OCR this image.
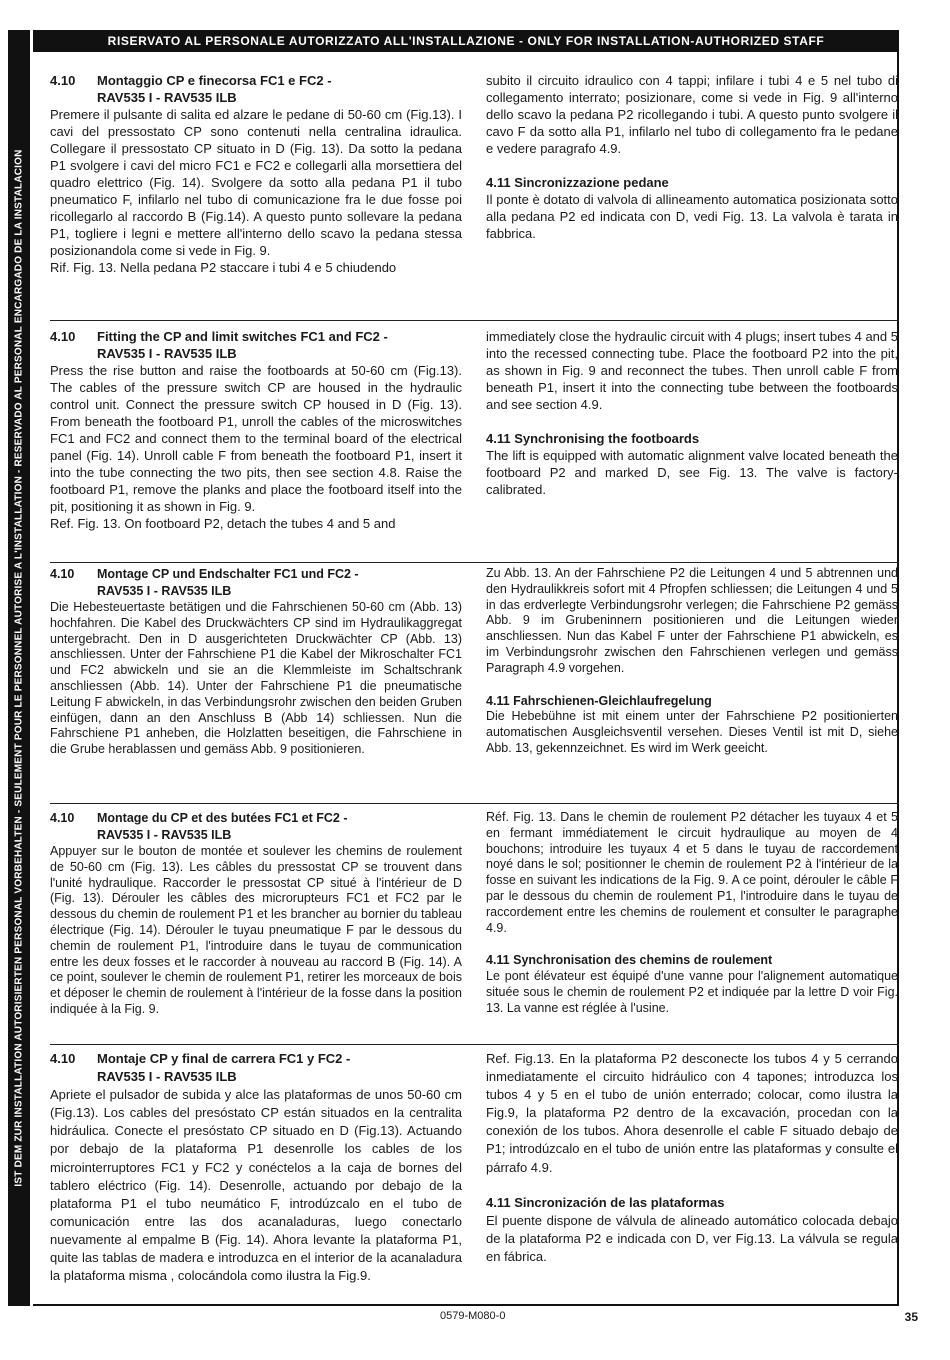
IST DEM ZUR INSTALLATION AUTORISIERTEN PERSONAL VORBEHALTEN - SEULEMENT POUR LE PERSONNEL AUTORISE A L'INSTALLATION - RESERVADO AL PERSONAL ENCARGADO DE LA INSTALACION
RISERVATO AL PERSONALE AUTORIZZATO ALL'INSTALLAZIONE - ONLY FOR INSTALLATION-AUTHORIZED STAFF

4.10 Montaggio CP e finecorsa FC1 e FC2 -
RAV535 I - RAV535 ILB

Premere il pulsante di salita ed alzare le pedane di 50-60 cm (Fig.13). I cavi del pressostato CP sono contenuti nella centralina idraulica. Collegare il pressostato CP situato in D (Fig. 13). Da sotto la pedana P1 svolgere i cavi del micro FC1 e FC2 e collegarli alla morsettiera del quadro elettrico (Fig. 14). Svolgere da sotto alla pedana P1 il tubo pneumatico F, infilarlo nel tubo di comunicazione fra le due fosse poi ricollegarlo al raccordo B (Fig.14). A questo punto sollevare la pedana P1, togliere i legni e mettere all'interno dello scavo la pedana stessa posizionandola come si vede in Fig. 9.

Rif. Fig. 13. Nella pedana P2 staccare i tubi 4 e 5 chiudendo

subito il circuito idraulico con 4 tappi; infilare i tubi 4 e 5 nel tubo di collegamento interrato; posizionare, come si vede in Fig. 9 all'interno dello scavo la pedana P2 ricollegando i tubi. A questo punto svolgere il cavo F da sotto alla P1, infilarlo nel tubo di collegamento fra le pedane e vedere paragrafo 4.9.

4.11 Sincronizzazione pedane

Il ponte è dotato di valvola di allineamento automatica posizionata sotto alla pedana P2 ed indicata con D, vedi Fig. 13. La valvola è tarata in fabbrica.

4.10 Fitting the CP and limit switches FC1 and FC2 -
RAV535 I - RAV535 ILB

Press the rise button and raise the footboards at 50-60 cm (Fig.13). The cables of the pressure switch CP are housed in the hydraulic control unit. Connect the pressure switch CP housed in D (Fig. 13). From beneath the footboard P1, unroll the cables of the microswitches FC1 and FC2 and connect them to the terminal board of the electrical panel (Fig. 14). Unroll cable F from beneath the footboard P1, insert it into the tube connecting the two pits, then see section 4.8. Raise the footboard P1, remove the planks and place the footboard itself into the pit, positioning it as shown in Fig. 9.

Ref. Fig. 13. On footboard P2, detach the tubes 4 and 5 and

immediately close the hydraulic circuit with 4 plugs; insert tubes 4 and 5 into the recessed connecting tube. Place the footboard P2 into the pit, as shown in Fig. 9 and reconnect the tubes. Then unroll cable F from beneath P1, insert it into the connecting tube between the footboards and see section 4.9.

4.11 Synchronising the footboards

The lift is equipped with automatic alignment valve located beneath the footboard P2 and marked D, see Fig. 13. The valve is factory-calibrated.

4.10 Montage CP und Endschalter FC1 und FC2 -
RAV535 I - RAV535 ILB

Die Hebesteuertaste betätigen und die Fahrschienen 50-60 cm (Abb. 13) hochfahren. Die Kabel des Druckwächters CP sind im Hydraulikaggregat untergebracht. Den in D ausgerichteten Druckwächter CP (Abb. 13) anschliessen. Unter der Fahrschiene P1 die Kabel der Mikroschalter FC1 und FC2 abwickeln und sie an die Klemmleiste im Schaltschrank anschliessen (Abb. 14). Unter der Fahrschiene P1 die pneumatische Leitung F abwickeln, in das Verbindungsrohr zwischen den beiden Gruben einfügen, dann an den Anschluss B (Abb 14) schliessen. Nun die Fahrschiene P1 anheben, die Holzlatten beseitigen, die Fahrschiene in die Grube herablassen und gemäss Abb. 9 positionieren.

Zu Abb. 13. An der Fahrschiene P2 die Leitungen 4 und 5 abtrennen und den Hydraulikkreis sofort mit 4 Pfropfen schliessen; die Leitungen 4 und 5 in das erdverlegte Verbindungsrohr verlegen; die Fahrschiene P2 gemäss Abb. 9 im Grubeninnern positionieren und die Leitungen wieder anschliessen. Nun das Kabel F unter der Fahrschiene P1 abwickeln, es im Verbindungsrohr zwischen den Fahrschienen verlegen und gemäss Paragraph 4.9 vorgehen.

4.11 Fahrschienen-Gleichlaufregelung

Die Hebebühne ist mit einem unter der Fahrschiene P2 positionierten automatischen Ausgleichsventil versehen. Dieses Ventil ist mit D, siehe Abb. 13, gekennzeichnet. Es wird im Werk geeicht.

4.10 Montage du CP et des butées FC1 et FC2 -
RAV535 I - RAV535 ILB

Appuyer sur le bouton de montée et soulever les chemins de roulement de 50-60 cm (Fig. 13). Les câbles du pressostat CP se trouvent dans l'unité hydraulique. Raccorder le pressostat CP situé à l'intérieur de D (Fig. 13). Dérouler les câbles des microrupteurs FC1 et FC2 par le dessous du chemin de roulement P1 et les brancher au bornier du tableau électrique (Fig. 14). Dérouler le tuyau pneumatique F par le dessous du chemin de roulement P1, l'introduire dans le tuyau de communication entre les deux fosses et le raccorder à nouveau au raccord B (Fig. 14). A ce point, soulever le chemin de roulement P1, retirer les morceaux de bois et déposer le chemin de roulement à l'intérieur de la fosse dans la position indiquée à la Fig. 9.

Réf. Fig. 13. Dans le chemin de roulement P2 détacher les tuyaux 4 et 5 en fermant immédiatement le circuit hydraulique au moyen de 4 bouchons; introduire les tuyaux 4 et 5 dans le tuyau de raccordement noyé dans le sol; positionner le chemin de roulement P2 à l'intérieur de la fosse en suivant les indications de la Fig. 9. A ce point, dérouler le câble F par le dessous du chemin de roulement P1, l'introduire dans le tuyau de raccordement entre les chemins de roulement et consulter le paragraphe 4.9.

4.11 Synchronisation des chemins de roulement

Le pont élévateur est équipé d'une vanne pour l'alignement automatique située sous le chemin de roulement P2 et indiquée par la lettre D voir Fig. 13. La vanne est réglée à l'usine.

4.10 Montaje CP y final de carrera FC1 y FC2 -
RAV535 I - RAV535 ILB

Apriete el pulsador de subida y alce las plataformas de unos 50-60 cm (Fig.13). Los cables del presóstato CP están situados en la centralita hidráulica. Conecte el presóstato CP situado en D (Fig.13). Actuando por debajo de la plataforma P1 desenrolle los cables de los microinterruptores FC1 y FC2 y conéctelos a la caja de bornes del tablero eléctrico (Fig. 14). Desenrolle, actuando por debajo de la plataforma P1 el tubo neumático F, introdúzcalo en el tubo de comunicación entre las dos acanaladuras, luego conectarlo nuevamente al empalme B (Fig. 14). Ahora levante la plataforma P1, quite las tablas de madera e introduzca en el interior de la acanaladura la plataforma misma , colocándola como ilustra la Fig.9.

Ref. Fig.13. En la plataforma P2 desconecte los tubos 4 y 5 cerrando inmediatamente el circuito hidráulico con 4 tapones; introduzca los tubos 4 y 5 en el tubo de unión enterrado; colocar, como ilustra la Fig.9, la plataforma P2 dentro de la excavación, procedan con la conexión de los tubos. Ahora desenrolle el cable F situado debajo de P1; introdúzcalo en el tubo de unión entre las plataformas y consulte el párrafo 4.9.

4.11 Sincronización de las plataformas

El puente dispone de válvula de alineado automático colocada debajo de la plataforma P2 e indicada con D, ver Fig.13. La válvula se regula en fábrica.

0579-M080-0	35
